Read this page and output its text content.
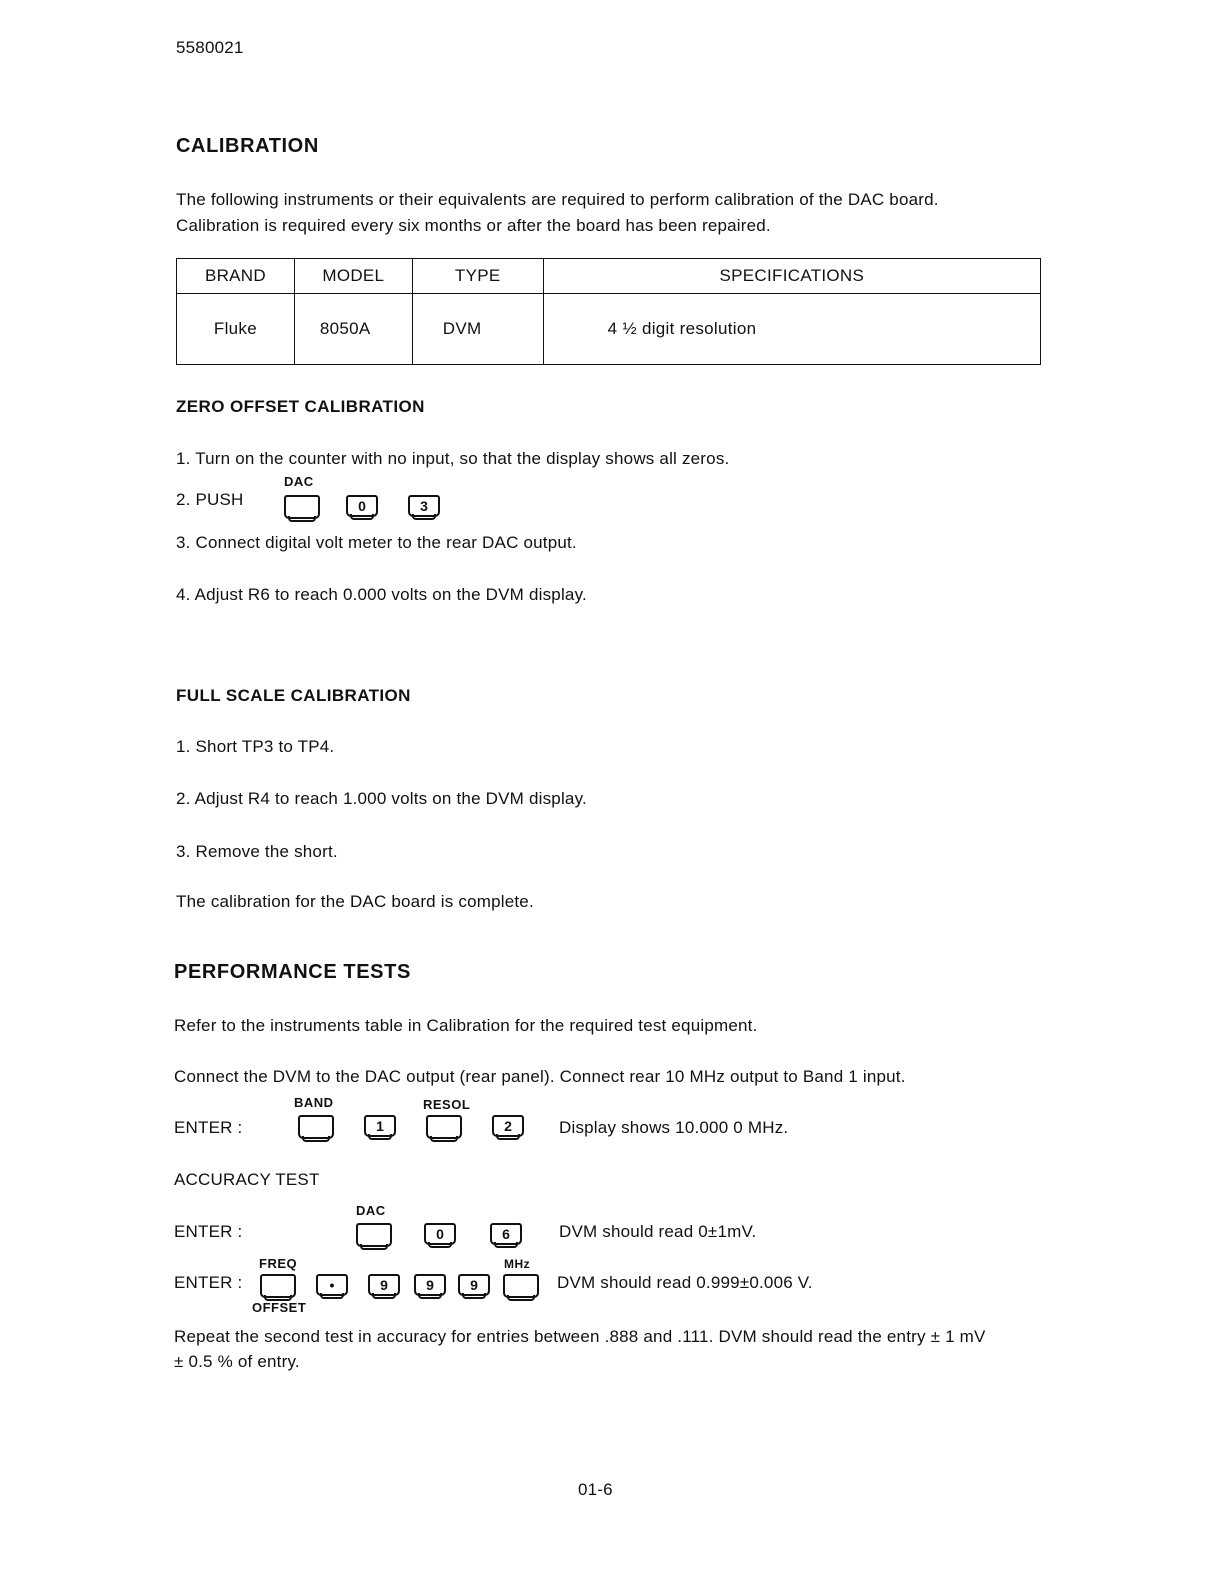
5580021
CALIBRATION
The following instruments or their equivalents are required to perform calibration of the DAC board.
Calibration is required every six months or after the board has been repaired.
BRAND	MODEL	TYPE	SPECIFICATIONS
Fluke	8050A	DVM	4 ½ digit resolution
ZERO OFFSET CALIBRATION
1. Turn on the counter with no input, so that the display shows all zeros.
DAC
2. PUSH	0	3
3. Connect digital volt meter to the rear DAC output.
4. Adjust R6 to reach 0.000 volts on the DVM display.
FULL SCALE CALIBRATION
1. Short TP3 to TP4.
2. Adjust R4 to reach 1.000 volts on the DVM display.
3. Remove the short.
The calibration for the DAC board is complete.
PERFORMANCE TESTS
Refer to the instruments table in Calibration for the required test equipment.
Connect the DVM to the DAC output (rear panel). Connect rear 10 MHz output to Band 1 input.
BAND	RESOL
ENTER :	1	2	Display shows 10.000 0 MHz.
ACCURACY TEST
DAC
ENTER :	0	6	DVM should read 0±1mV.
FREQ	MHz
ENTER :	•	9	9	9	DVM should read 0.999±0.006 V.
OFFSET
Repeat the second test in accuracy for entries between .888 and .111. DVM should read the entry ± 1 mV
± 0.5 % of entry.
01-6
